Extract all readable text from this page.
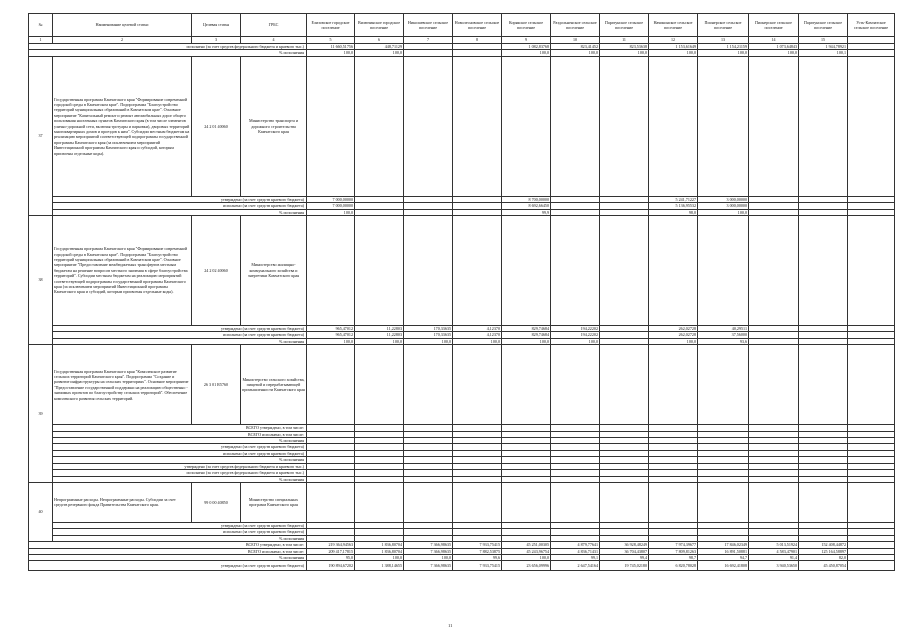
№	Наименование целевой статьи	Целевая статья	ГРБС	Елизовское городское поселение	Вилючинское городское поселение	Николаевское сельское поселение	Новолесновское сельское поселение	Корякское сельское поселение	Раздольненское сельское поселение	Паратунское сельское поселение	Начикинское сельское поселение	Пионерское сельское поселение	Пионерское сельское поселение	Паратунское сельское поселение	Усть-Камчатское сельское поселение
1	2	3	4	5	6	7	8	9	10	11	12	13	14	15	
исполнено (за счет средств федерального бюджета и краевого тыс.)				11 660,51756	448,71129			1 082,83768	823,41452	823,53638	1 153,61649	1 154,21159	1 073,64843	1 944,78921	
% исполнения				100,0	100,0			100,0	100,0	100,0	100,0	100,0	100,0	100,1	
37	Государственная программа Камчатского края "Формирование современной городской среды в Камчатском крае". Подпрограмма "Благоустройство территорий муниципальных образований в Камчатском крае". Основное мероприятие "Капитальный ремонт и ремонт автомобильных дорог общего пользования населенных пунктов Камчатского края (в том числе элементов улично-дорожной сети, включая тротуары и парковки), дворовых территорий многоквартирных домов и проездов к ним". Субсидии местным бюджетам на реализацию мероприятий соответствующей подпрограммы государственной программы Камчатского края (за исключением мероприятий Инвестиционной программы Камчатского края и субсидий, которым присвоены отдельные коды).	24 2 01 40060	Министерство транспорта и дорожного строительства Камчатского края												
	утверждено (за счет средств краевого бюджета)			7 000,00000				8 700,00000			5 241,71227	3 000,00000			
	исполнено (за счет средств краевого бюджета)			7 000,00000				8 692,66450			5 136,95532	3 000,00000			
	% исполнения			100,0				99,9			98,0	100,0			
38	Государственная программа Камчатского края "Формирование современной городской среды в Камчатском крае". Подпрограмма "Благоустройство территорий муниципальных образований в Камчатском крае". Основное мероприятие "Предоставление межбюджетных трансфертов местным бюджетам на решение вопросов местного значения в сфере благоустройства территорий". Субсидии местным бюджетам на реализацию мероприятий соответствующей подпрограммы государственной программы Камчатского края (за исключением мероприятий Инвестиционной программы Камчатского края и субсидий, которым присвоены отдельные коды).	24 2 02 40060	Министерство жилищно-коммунального хозяйства и энергетики Камчатского края												
	утверждено (за счет средств краевого бюджета)			965,47012	11,22803	170,33635	4,12370	829,74684	194,22202		262,02728	40,29511			
	исполнено (за счет средств краевого бюджета)			965,47012	11,22803	170,33635	4,12370	829,74684	194,22202		262,02728	37,56000			
	% исполнения			100,0	100,0	100,0	100,0	100,0	100,0		100,0	93,6			
39	Государственная программа Камчатского края "Комплексное развитие сельских территорий Камчатского края". Подпрограмма "Создание и развитие инфраструктуры на сельских территориях". Основное мероприятие "Предоставление государственной поддержки на реализацию общественно - значимых проектов по благоустройству сельских территорий". Обеспечение комплексного развития сельских территорий.	26 3 01 R5760	Министерство сельского хозяйства, пищевой и перерабатывающей промышленности Камчатского края												
	ВСЕГО утверждено, в том числе:														
	ВСЕГО исполнено, в том числе:														
	% исполнения														
	утверждено (за счет средств краевого бюджета)														
	исполнено (за счет средств краевого бюджета)														
	% исполнения														
	утверждено (за счет средств федерального бюджета и краевого тыс.)														
	исполнено (за счет средств федерального бюджета и краевого тыс.)														
	% исполнения														
40	Непрограммные расходы. Непрограммные расходы. Субсидии за счет средств резервного фонда Правительства Камчатского края.	99 0 00 40850	Министерство специальных программ Камчатского края												
	утверждено (за счет средств краевого бюджета)														
	исполнено (за счет средств краевого бюджета)														
	% исполнения														
ВСЕГО утверждено, в том числе:				219 364,94563	1 836,80704	7 366,98635	7 933,75415	45 251,00305	4 879,77641	36 928,48249	7 974,39677	17 846,02349	5 013,51924	152 408,44872	
ВСЕГО исполнено, в том числе:				209 417,17815	1 836,80704	7 366,98635	7 882,53875	45 243,96754	4 836,71431	36 704,43807	7 809,81263	16 891,50881	4 583,47901	125 164,58897	
% исполнения				95,0	100,0	100,0	99,6	100,0	99,1	99,4	98,7	94,7	91,4	82,0	
утверждено (за счет средств краевого бюджета)				190 894,67202	1 388,14655	7 366,98635	7 933,75415	23 656,09996	2 647,54164	19 745,02180	6 820,78028	16 692,41808	3 940,53650	45 450,87054	
11
